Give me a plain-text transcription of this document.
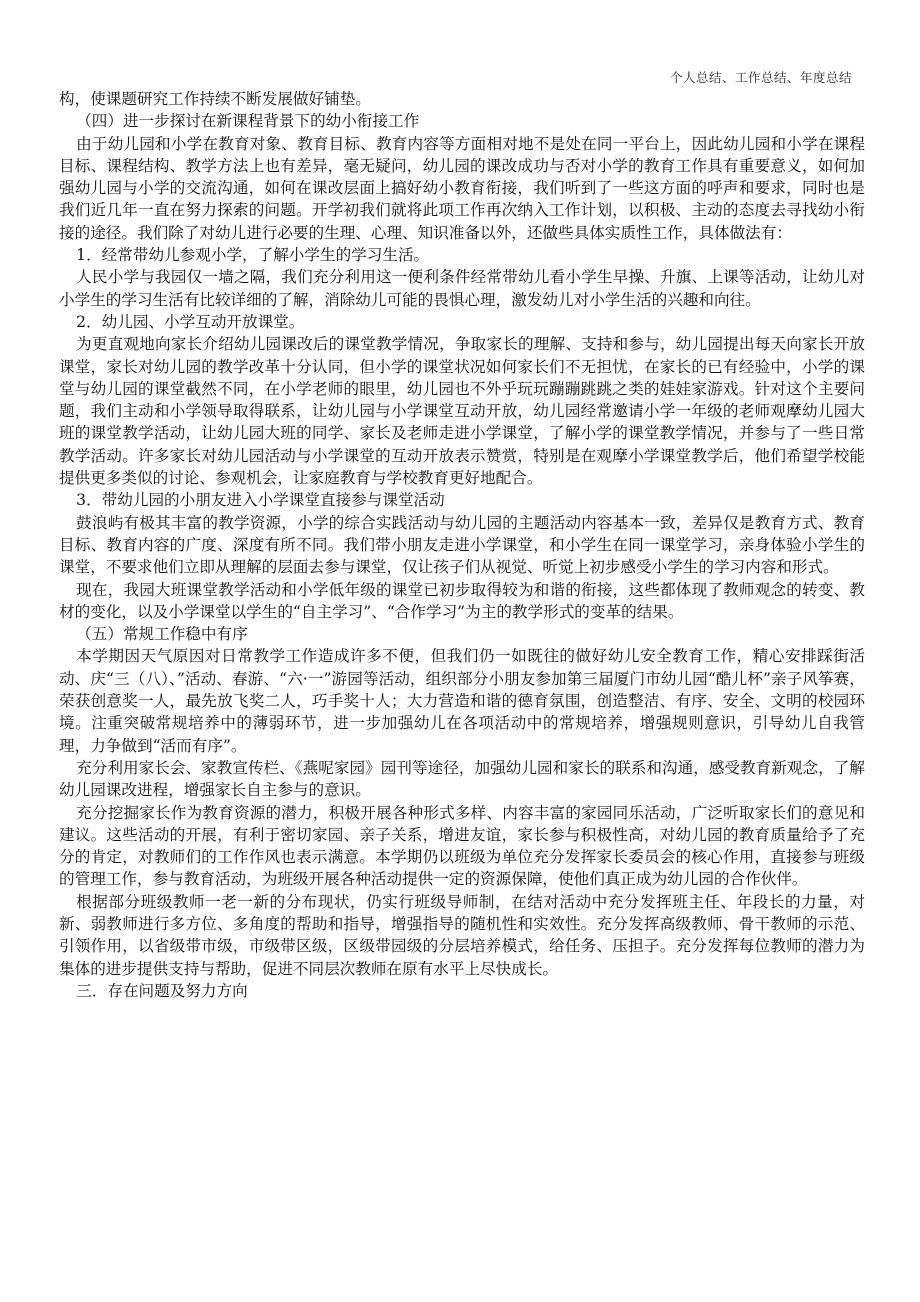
个人总结、工作总结、年度总结

构，使课题研究工作持续不断发展做好铺垫。

（四）进一步探讨在新课程背景下的幼小衔接工作

由于幼儿园和小学在教育对象、教育目标、教育内容等方面相对地不是处在同一平台上，因此幼儿园和小学在课程目标、课程结构、教学方法上也有差异，毫无疑问，幼儿园的课改成功与否对小学的教育工作具有重要意义，如何加强幼儿园与小学的交流沟通，如何在课改层面上搞好幼小教育衔接，我们听到了一些这方面的呼声和要求，同时也是我们近几年一直在努力探索的问题。开学初我们就将此项工作再次纳入工作计划，以积极、主动的态度去寻找幼小衔接的途径。我们除了对幼儿进行必要的生理、心理、知识准备以外，还做些具体实质性工作，具体做法有：

1．经常带幼儿参观小学，了解小学生的学习生活。

人民小学与我园仅一墙之隔，我们充分利用这一便利条件经常带幼儿看小学生早操、升旗、上课等活动，让幼儿对小学生的学习生活有比较详细的了解，消除幼儿可能的畏惧心理，激发幼儿对小学生活的兴趣和向往。

2．幼儿园、小学互动开放课堂。

为更直观地向家长介绍幼儿园课改后的课堂教学情况，争取家长的理解、支持和参与，幼儿园提出每天向家长开放课堂，家长对幼儿园的教学改革十分认同，但小学的课堂状况如何家长们不无担忧，在家长的已有经验中，小学的课堂与幼儿园的课堂截然不同，在小学老师的眼里，幼儿园也不外乎玩玩蹦蹦跳跳之类的娃娃家游戏。针对这个主要问题，我们主动和小学领导取得联系，让幼儿园与小学课堂互动开放，幼儿园经常邀请小学一年级的老师观摩幼儿园大班的课堂教学活动，让幼儿园大班的同学、家长及老师走进小学课堂，了解小学的课堂教学情况，并参与了一些日常教学活动。许多家长对幼儿园活动与小学课堂的互动开放表示赞赏，特别是在观摩小学课堂教学后，他们希望学校能提供更多类似的讨论、参观机会，让家庭教育与学校教育更好地配合。

3．带幼儿园的小朋友进入小学课堂直接参与课堂活动

鼓浪屿有极其丰富的教学资源，小学的综合实践活动与幼儿园的主题活动内容基本一致，差异仅是教育方式、教育目标、教育内容的广度、深度有所不同。我们带小朋友走进小学课堂，和小学生在同一课堂学习，亲身体验小学生的课堂，不要求他们立即从理解的层面去参与课堂，仅让孩子们从视觉、听觉上初步感受小学生的学习内容和形式。

现在，我园大班课堂教学活动和小学低年级的课堂已初步取得较为和谐的衔接，这些都体现了教师观念的转变、教材的变化，以及小学课堂以学生的“自主学习”、“合作学习”为主的教学形式的变革的结果。

（五）常规工作稳中有序

本学期因天气原因对日常教学工作造成许多不便，但我们仍一如既往的做好幼儿安全教育工作，精心安排踩街活动、庆“三（八）、”活动、春游、“六·一”游园等活动，组织部分小朋友参加第三届厦门市幼儿园“酷儿杯”亲子风筝赛，荣获创意奖一人，最先放飞奖二人，巧手奖十人；大力营造和谐的德育氛围，创造整洁、有序、安全、文明的校园环境。注重突破常规培养中的薄弱环节，进一步加强幼儿在各项活动中的常规培养，增强规则意识，引导幼儿自我管理，力争做到“活而有序”。

充分利用家长会、家教宣传栏、《燕呢家园》园刊等途径，加强幼儿园和家长的联系和沟通，感受教育新观念，了解幼儿园课改进程，增强家长自主参与的意识。

充分挖掘家长作为教育资源的潜力，积极开展各种形式多样、内容丰富的家园同乐活动，广泛听取家长们的意见和建议。这些活动的开展，有利于密切家园、亲子关系，增进友谊，家长参与积极性高，对幼儿园的教育质量给予了充分的肯定，对教师们的工作作风也表示满意。本学期仍以班级为单位充分发挥家长委员会的核心作用，直接参与班级的管理工作，参与教育活动，为班级开展各种活动提供一定的资源保障，使他们真正成为幼儿园的合作伙伴。

根据部分班级教师一老一新的分布现状，仍实行班级导师制，在结对活动中充分发挥班主任、年段长的力量，对新、弱教师进行多方位、多角度的帮助和指导，增强指导的随机性和实效性。充分发挥高级教师、骨干教师的示范、引领作用，以省级带市级，市级带区级，区级带园级的分层培养模式，给任务、压担子。充分发挥每位教师的潜力为集体的进步提供支持与帮助，促进不同层次教师在原有水平上尽快成长。

三．存在问题及努力方向
